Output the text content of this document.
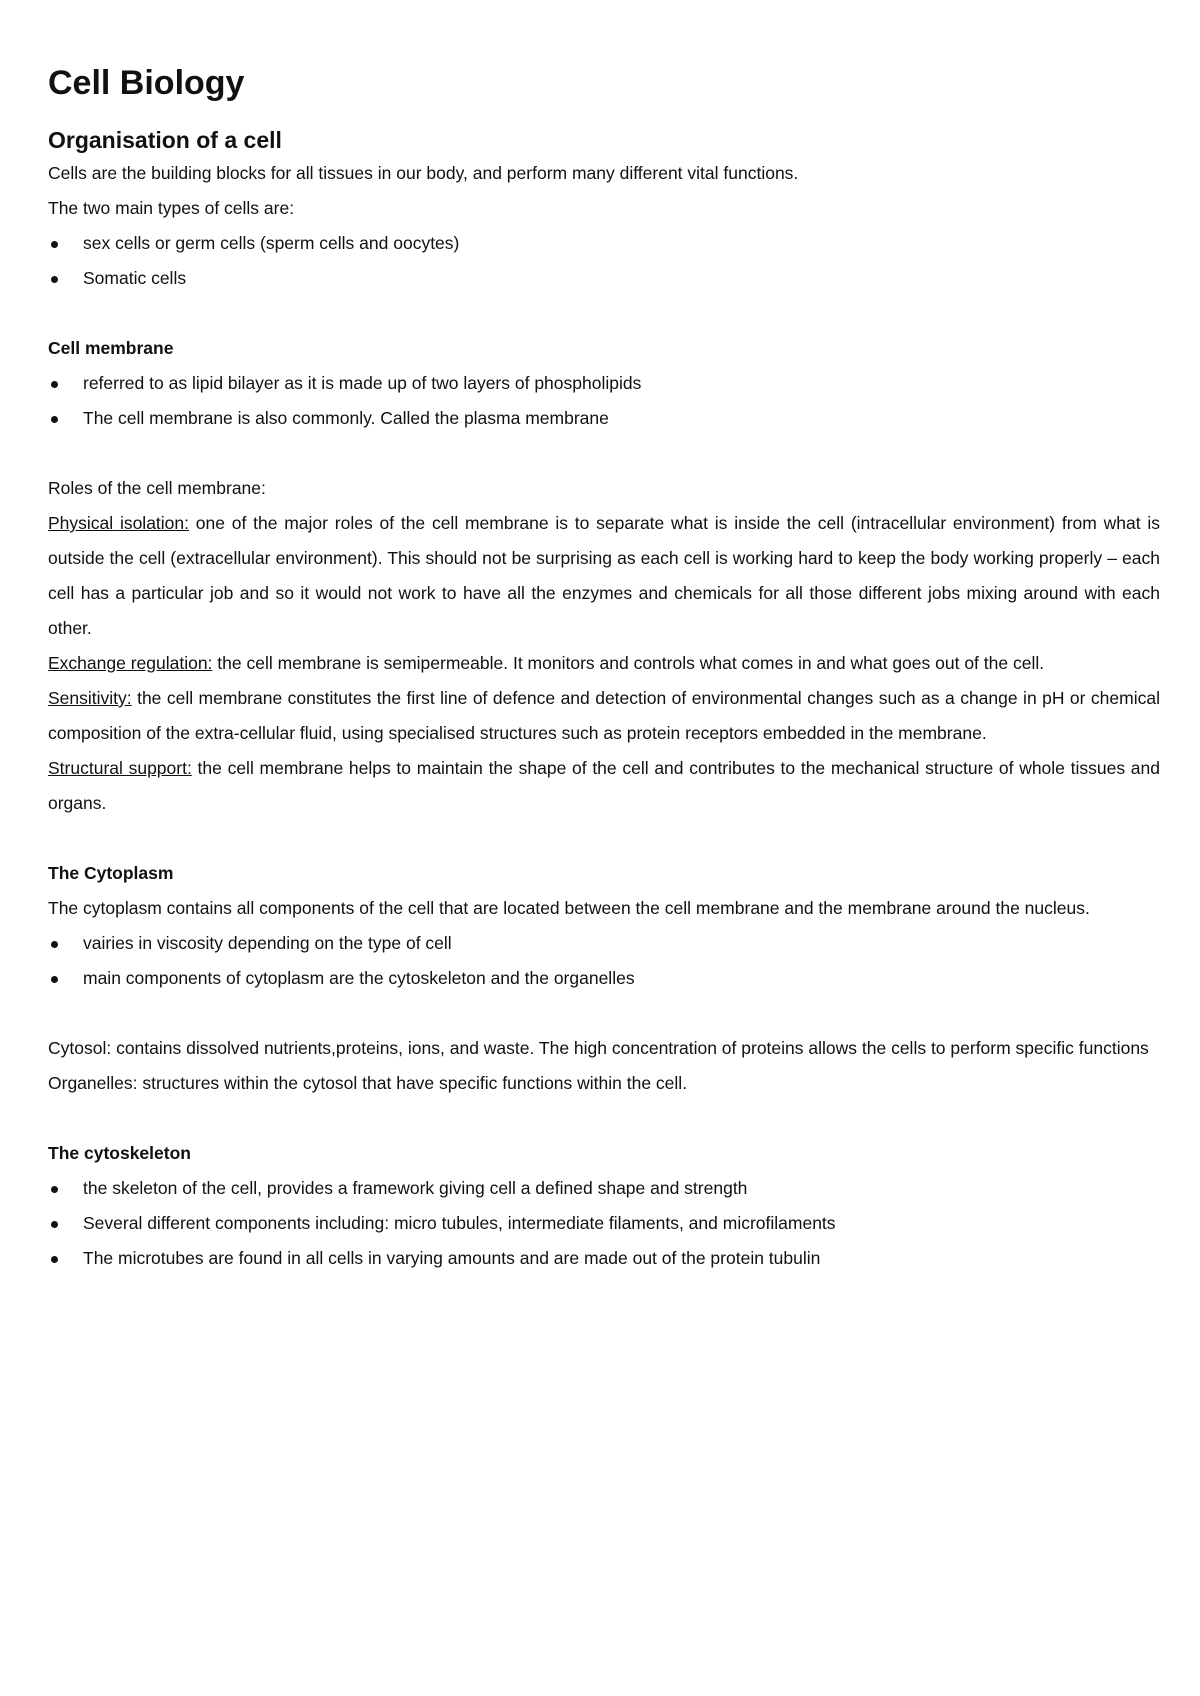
Cell Biology
Organisation of a cell

Cells are the building blocks for all tissues in our body, and perform many different vital functions.

The two main types of cells are:

sex cells or germ cells (sperm cells and oocytes)
Somatic cells
Cell membrane
referred to as lipid bilayer as it is made up of two layers of phospholipids
The cell membrane is also commonly. Called the plasma membrane

Roles of the cell membrane:

Physical isolation: one of the major roles of the cell membrane is to separate what is inside the cell (intracellular environment) from what is outside the cell (extracellular environment). This should not be surprising as each cell is working hard to keep the body working properly – each cell has a particular job and so it would not work to have all the enzymes and chemicals for all those different jobs mixing around with each other.

Exchange regulation: the cell membrane is semipermeable. It monitors and controls what comes in and what goes out of the cell.

Sensitivity: the cell membrane constitutes the first line of defence and detection of environmental changes such as a change in pH or chemical composition of the extra-cellular fluid, using specialised structures such as protein receptors embedded in the membrane.

Structural support: the cell membrane helps to maintain the shape of the cell and contributes to the mechanical structure of whole tissues and organs.

The Cytoplasm

The cytoplasm contains all components of the cell that are located between the cell membrane and the membrane around the nucleus.

vairies in viscosity depending on the type of cell
main components of cytoplasm are the cytoskeleton and the organelles

Cytosol: contains dissolved nutrients,proteins, ions, and waste. The high concentration of proteins allows the cells to perform specific functions

Organelles: structures within the cytosol that have specific functions within the cell.

The cytoskeleton
the skeleton of the cell, provides a framework giving cell a defined shape and strength
Several different components including: micro tubules, intermediate filaments, and microfilaments
The microtubes are found in all cells in varying amounts and are made out of the protein tubulin
